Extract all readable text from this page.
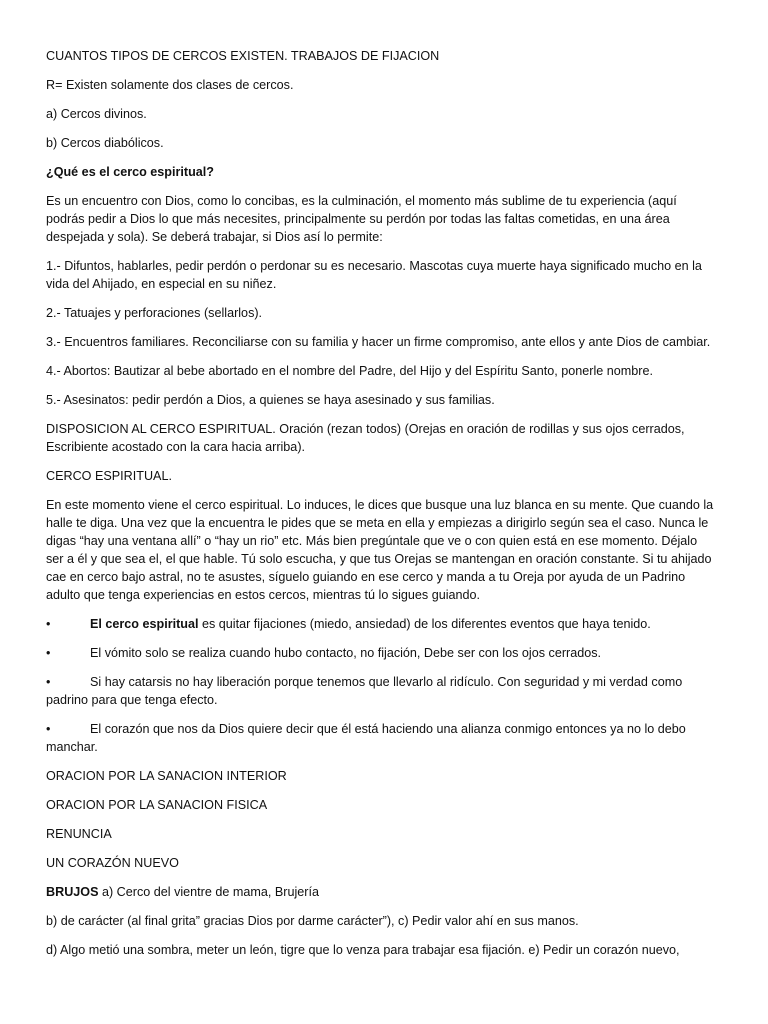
CUANTOS TIPOS DE CERCOS EXISTEN. TRABAJOS DE FIJACION

R= Existen solamente dos clases de cercos.

a) Cercos divinos.

b) Cercos diabólicos.

¿Qué es el cerco espiritual?

Es un encuentro con Dios, como lo concibas, es la culminación, el momento más sublime de tu experiencia (aquí podrás pedir a Dios lo que más necesites, principalmente su perdón por todas las faltas cometidas, en una área despejada y sola). Se deberá trabajar, si Dios así lo permite:

1.- Difuntos, hablarles, pedir perdón o perdonar su es necesario. Mascotas cuya muerte haya significado mucho en la vida del Ahijado, en especial en su niñez.

2.- Tatuajes y perforaciones (sellarlos).

3.- Encuentros familiares. Reconciliarse con su familia y hacer un firme compromiso, ante ellos y ante Dios de cambiar.

4.- Abortos: Bautizar al bebe abortado en el nombre del Padre, del Hijo y del Espíritu Santo, ponerle nombre.

5.- Asesinatos: pedir perdón a Dios, a quienes se haya asesinado y sus familias.

DISPOSICION AL CERCO ESPIRITUAL. Oración (rezan todos) (Orejas en oración de rodillas y sus ojos cerrados, Escribiente acostado con la cara hacia arriba).

CERCO ESPIRITUAL.

En este momento viene el cerco espiritual. Lo induces, le dices que busque una luz blanca en su mente. Que cuando la halle te diga. Una vez que la encuentra le pides que se meta en ella y empiezas a dirigirlo según sea el caso. Nunca le digas “hay una ventana allí” o “hay un rio” etc. Más bien pregúntale que ve o con quien está en ese momento. Déjalo ser a él y que sea el, el que hable. Tú solo escucha, y que tus Orejas se mantengan en oración constante. Si tu ahijado cae en cerco bajo astral, no te asustes, síguelo guiando en ese cerco y manda a tu Oreja por ayuda de un Padrino adulto que tenga experiencias en estos cercos, mientras tú lo sigues guiando.

•	El cerco espiritual es quitar fijaciones (miedo, ansiedad) de los diferentes eventos que haya tenido.

•	El vómito solo se realiza cuando hubo contacto, no fijación, Debe ser con los ojos cerrados.

•	Si hay catarsis no hay liberación porque tenemos que llevarlo al ridículo. Con seguridad y mi verdad como padrino para que tenga efecto.

•	El corazón que nos da Dios quiere decir que él está haciendo una alianza conmigo entonces ya no lo debo manchar.

ORACION POR LA SANACION INTERIOR

ORACION POR LA SANACION FISICA

RENUNCIA

UN CORAZÓN NUEVO

BRUJOS a) Cerco del vientre de mama, Brujería

b) de carácter (al final grita” gracias Dios por darme carácter”), c) Pedir valor ahí en sus manos.

d) Algo metió una sombra, meter un león, tigre que lo venza para trabajar esa fijación. e) Pedir un corazón nuevo,
